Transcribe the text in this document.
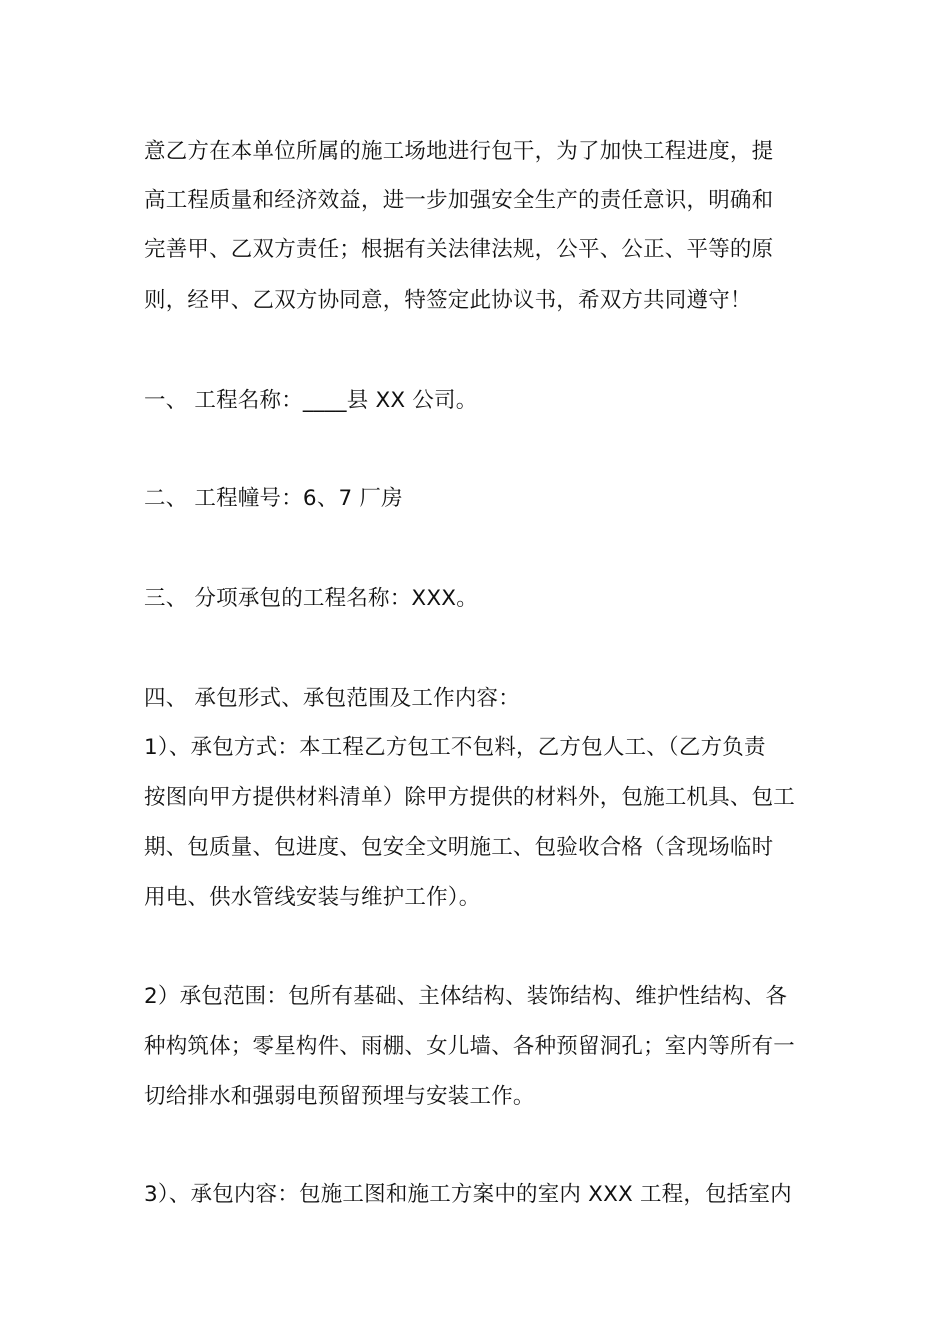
意乙方在本单位所属的施工场地进行包干，为了加快工程进度，提
高工程质量和经济效益，进一步加强安全生产的责任意识，明确和
完善甲、乙双方责任；根据有关法律法规，公平、公正、平等的原
则，经甲、乙双方协同意，特签定此协议书，希双方共同遵守！
一、 工程名称：____县 XX 公司。
二、 工程幢号：6、7 厂房
三、 分项承包的工程名称：XXX。
四、 承包形式、承包范围及工作内容：
1）、承包方式：本工程乙方包工不包料，乙方包人工、（乙方负责
按图向甲方提供材料清单）除甲方提供的材料外，包施工机具、包工
期、包质量、包进度、包安全文明施工、包验收合格（含现场临时
用电、供水管线安装与维护工作）。
2）承包范围：包所有基础、主体结构、装饰结构、维护性结构、各
种构筑体；零星构件、雨棚、女儿墙、各种预留洞孔；室内等所有一
切给排水和强弱电预留预埋与安装工作。
3）、承包内容：包施工图和施工方案中的室内 XXX 工程，包括室内
